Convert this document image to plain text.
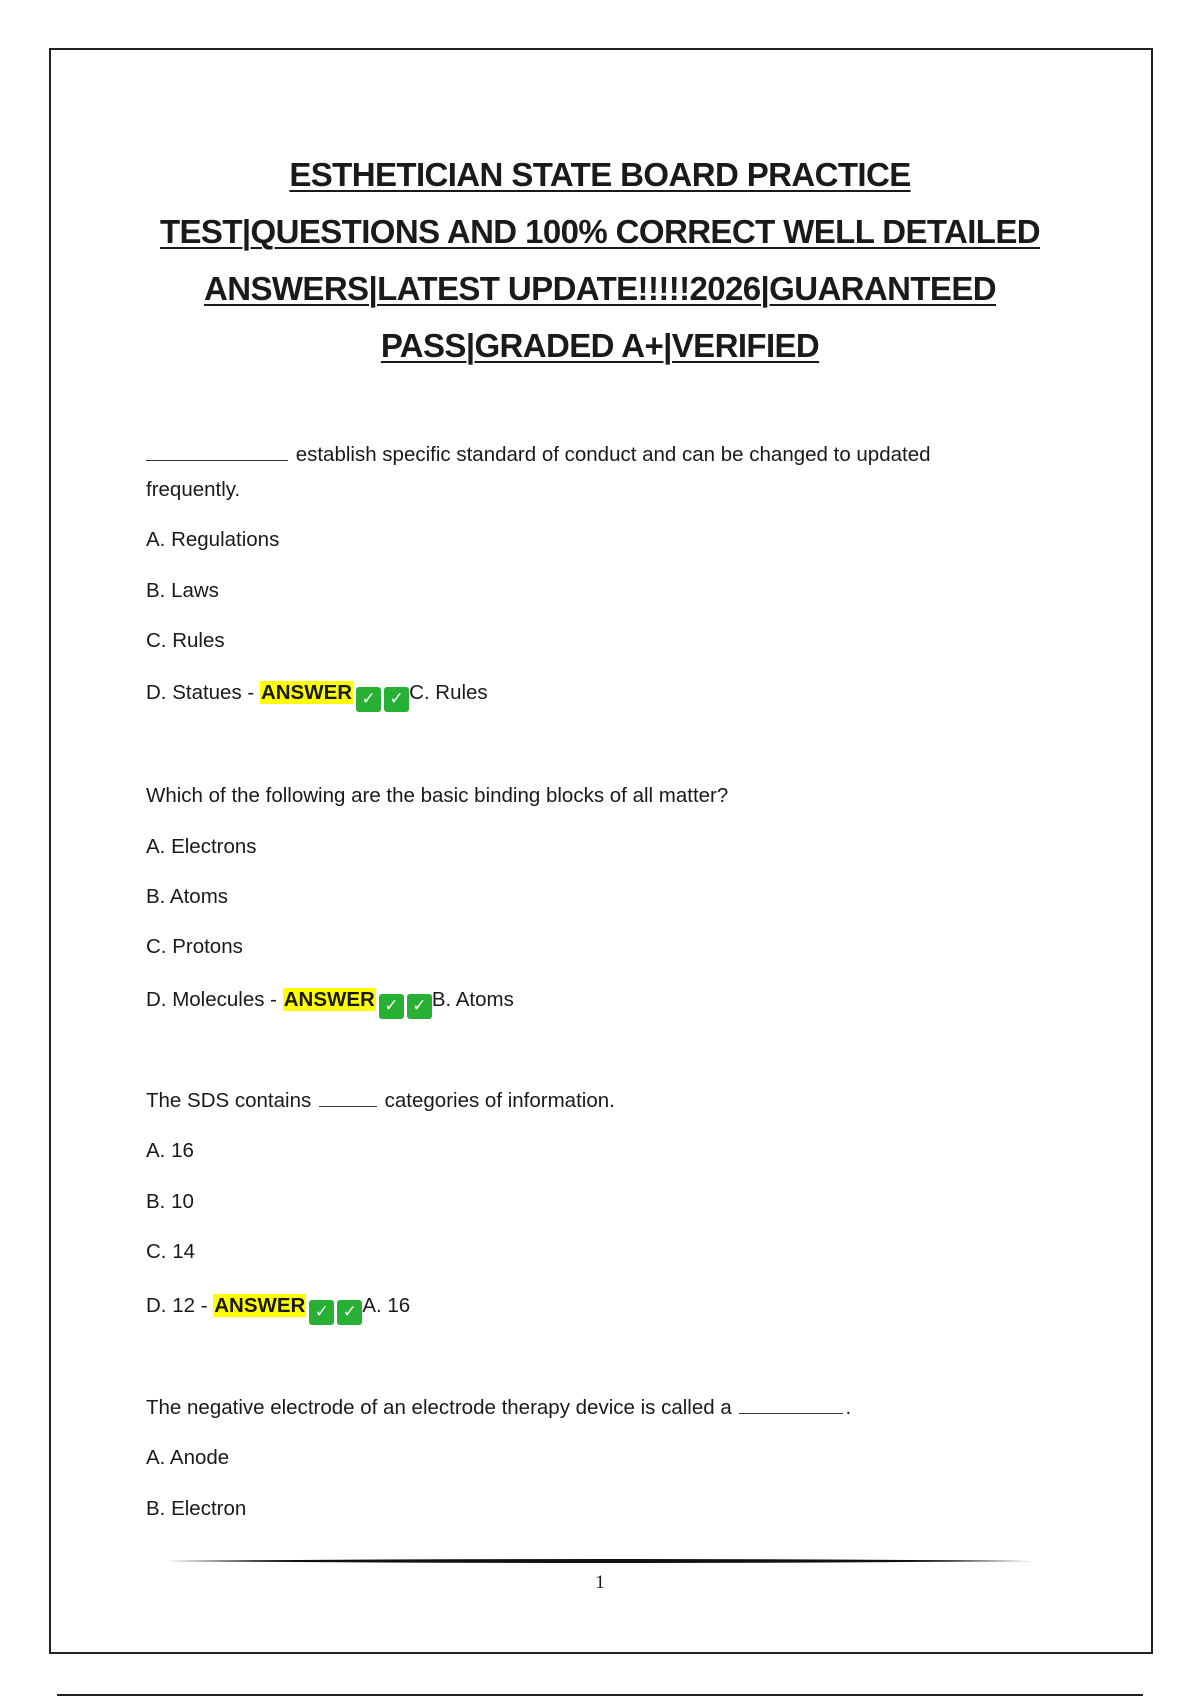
ESTHETICIAN STATE BOARD PRACTICE
TEST|QUESTIONS AND 100% CORRECT WELL DETAILED
ANSWERS|LATEST UPDATE!!!!!2026|GUARANTEED
PASS|GRADED A+|VERIFIED
establish specific standard of conduct and can be changed to updated
frequently.
A. Regulations
B. Laws
C. Rules
D. Statues - ANSWER ✓ ✓ C. Rules
Which of the following are the basic binding blocks of all matter?
A. Electrons
B. Atoms
C. Protons
D. Molecules - ANSWER ✓ ✓ B. Atoms
The SDS contains	categories of information.
A. 16
B. 10
C. 14
D. 12 - ANSWER ✓ ✓ A. 16
The negative electrode of an electrode therapy device is called a	.
A. Anode
B. Electron
1
